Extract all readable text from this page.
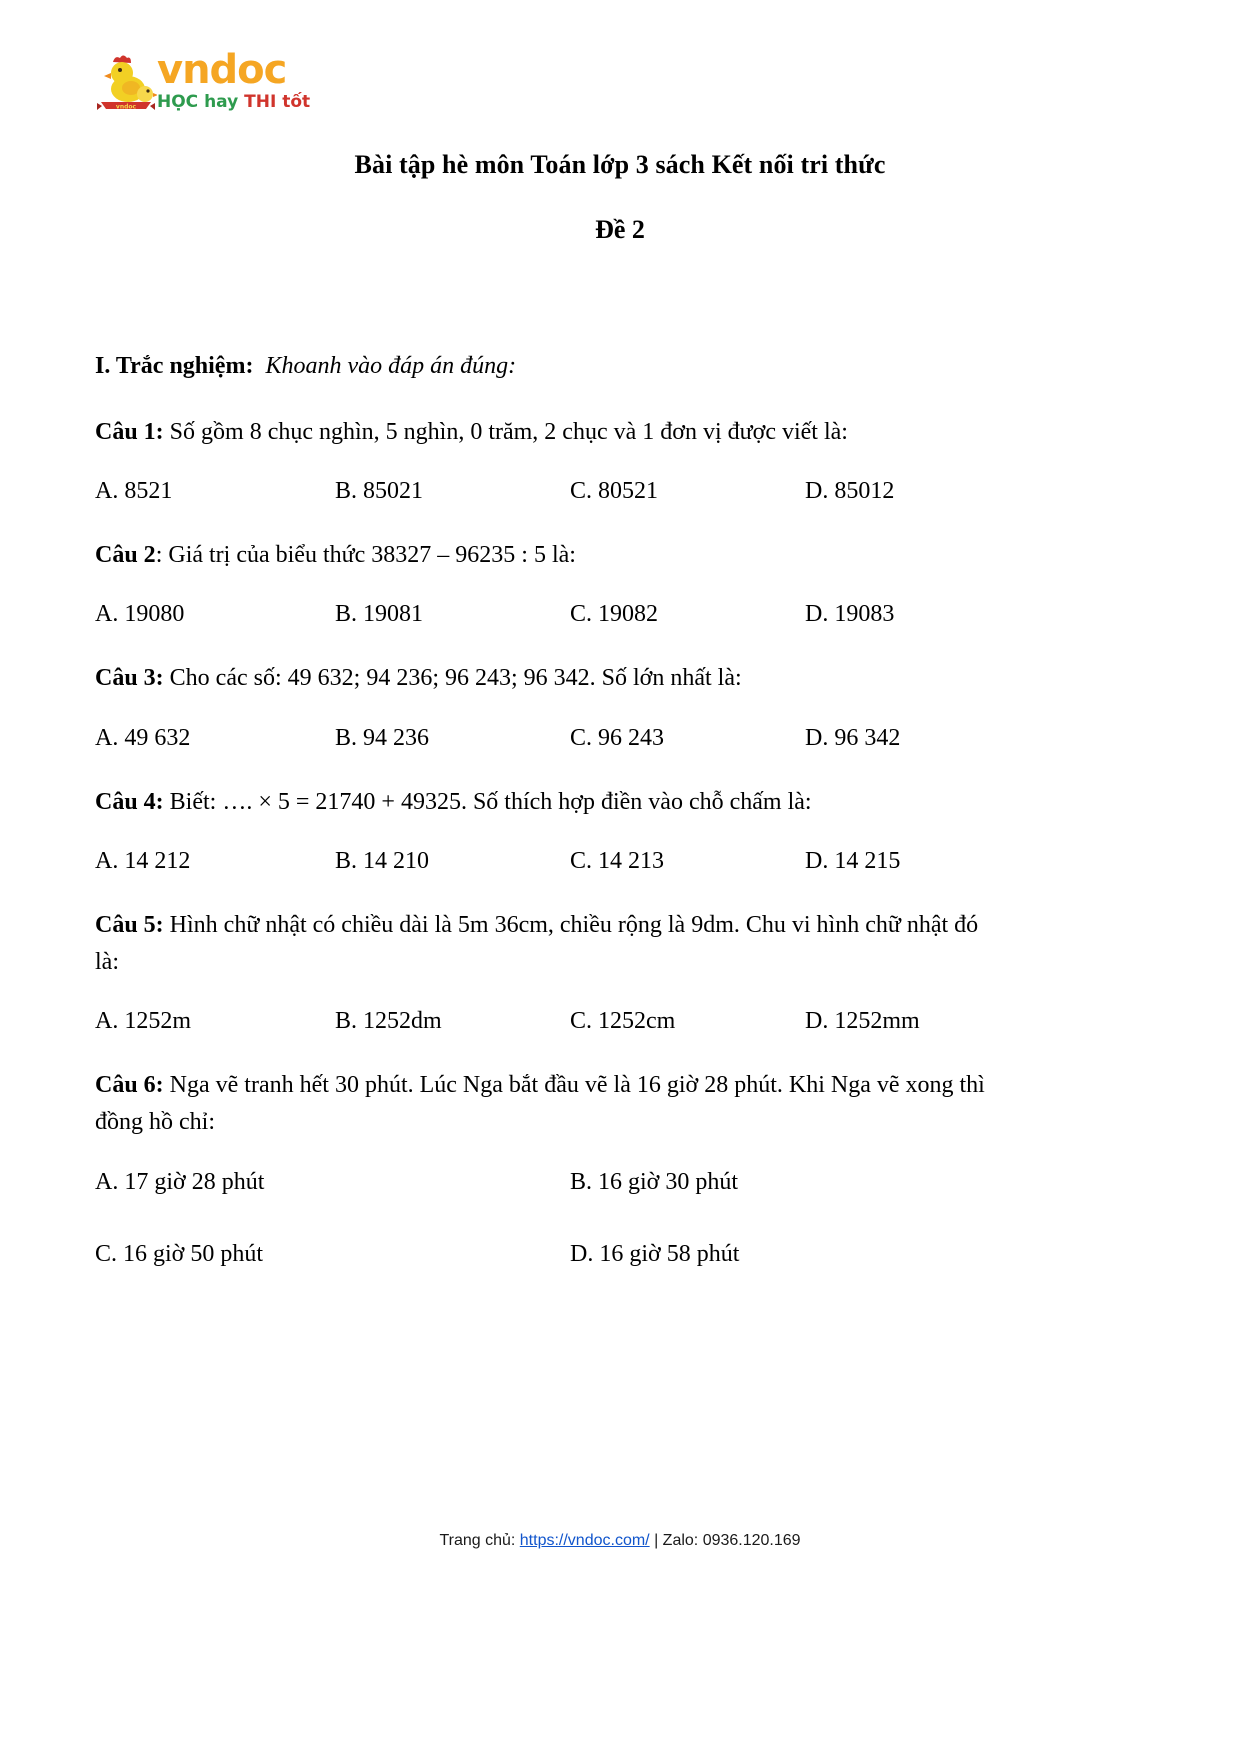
vndoc
vndoc
HỌC hay THI tốt
Bài tập hè môn Toán lớp 3 sách Kết nối tri thức
Đề 2
I. Trắc nghiệm: Khoanh vào đáp án đúng:
Câu 1: Số gồm 8 chục nghìn, 5 nghìn, 0 trăm, 2 chục và 1 đơn vị được viết là:
A. 8521	B. 85021	C. 80521	D. 85012
Câu 2: Giá trị của biểu thức 38327 – 96235 : 5 là:
A. 19080	B. 19081	C. 19082	D. 19083
Câu 3: Cho các số: 49 632; 94 236; 96 243; 96 342. Số lớn nhất là:
A. 49 632	B. 94 236	C. 96 243	D. 96 342
Câu 4: Biết: …. × 5 = 21740 + 49325. Số thích hợp điền vào chỗ chấm là:
A. 14 212	B. 14 210	C. 14 213	D. 14 215
Câu 5: Hình chữ nhật có chiều dài là 5m 36cm, chiều rộng là 9dm. Chu vi hình chữ nhật đó là:
A. 1252m	B. 1252dm	C. 1252cm	D. 1252mm
Câu 6: Nga vẽ tranh hết 30 phút. Lúc Nga bắt đầu vẽ là 16 giờ 28 phút. Khi Nga vẽ xong thì đồng hồ chỉ:
A. 17 giờ 28 phút	B. 16 giờ 30 phút
C. 16 giờ 50 phút	D. 16 giờ 58 phút
Trang chủ: https://vndoc.com/ | Zalo: 0936.120.169
